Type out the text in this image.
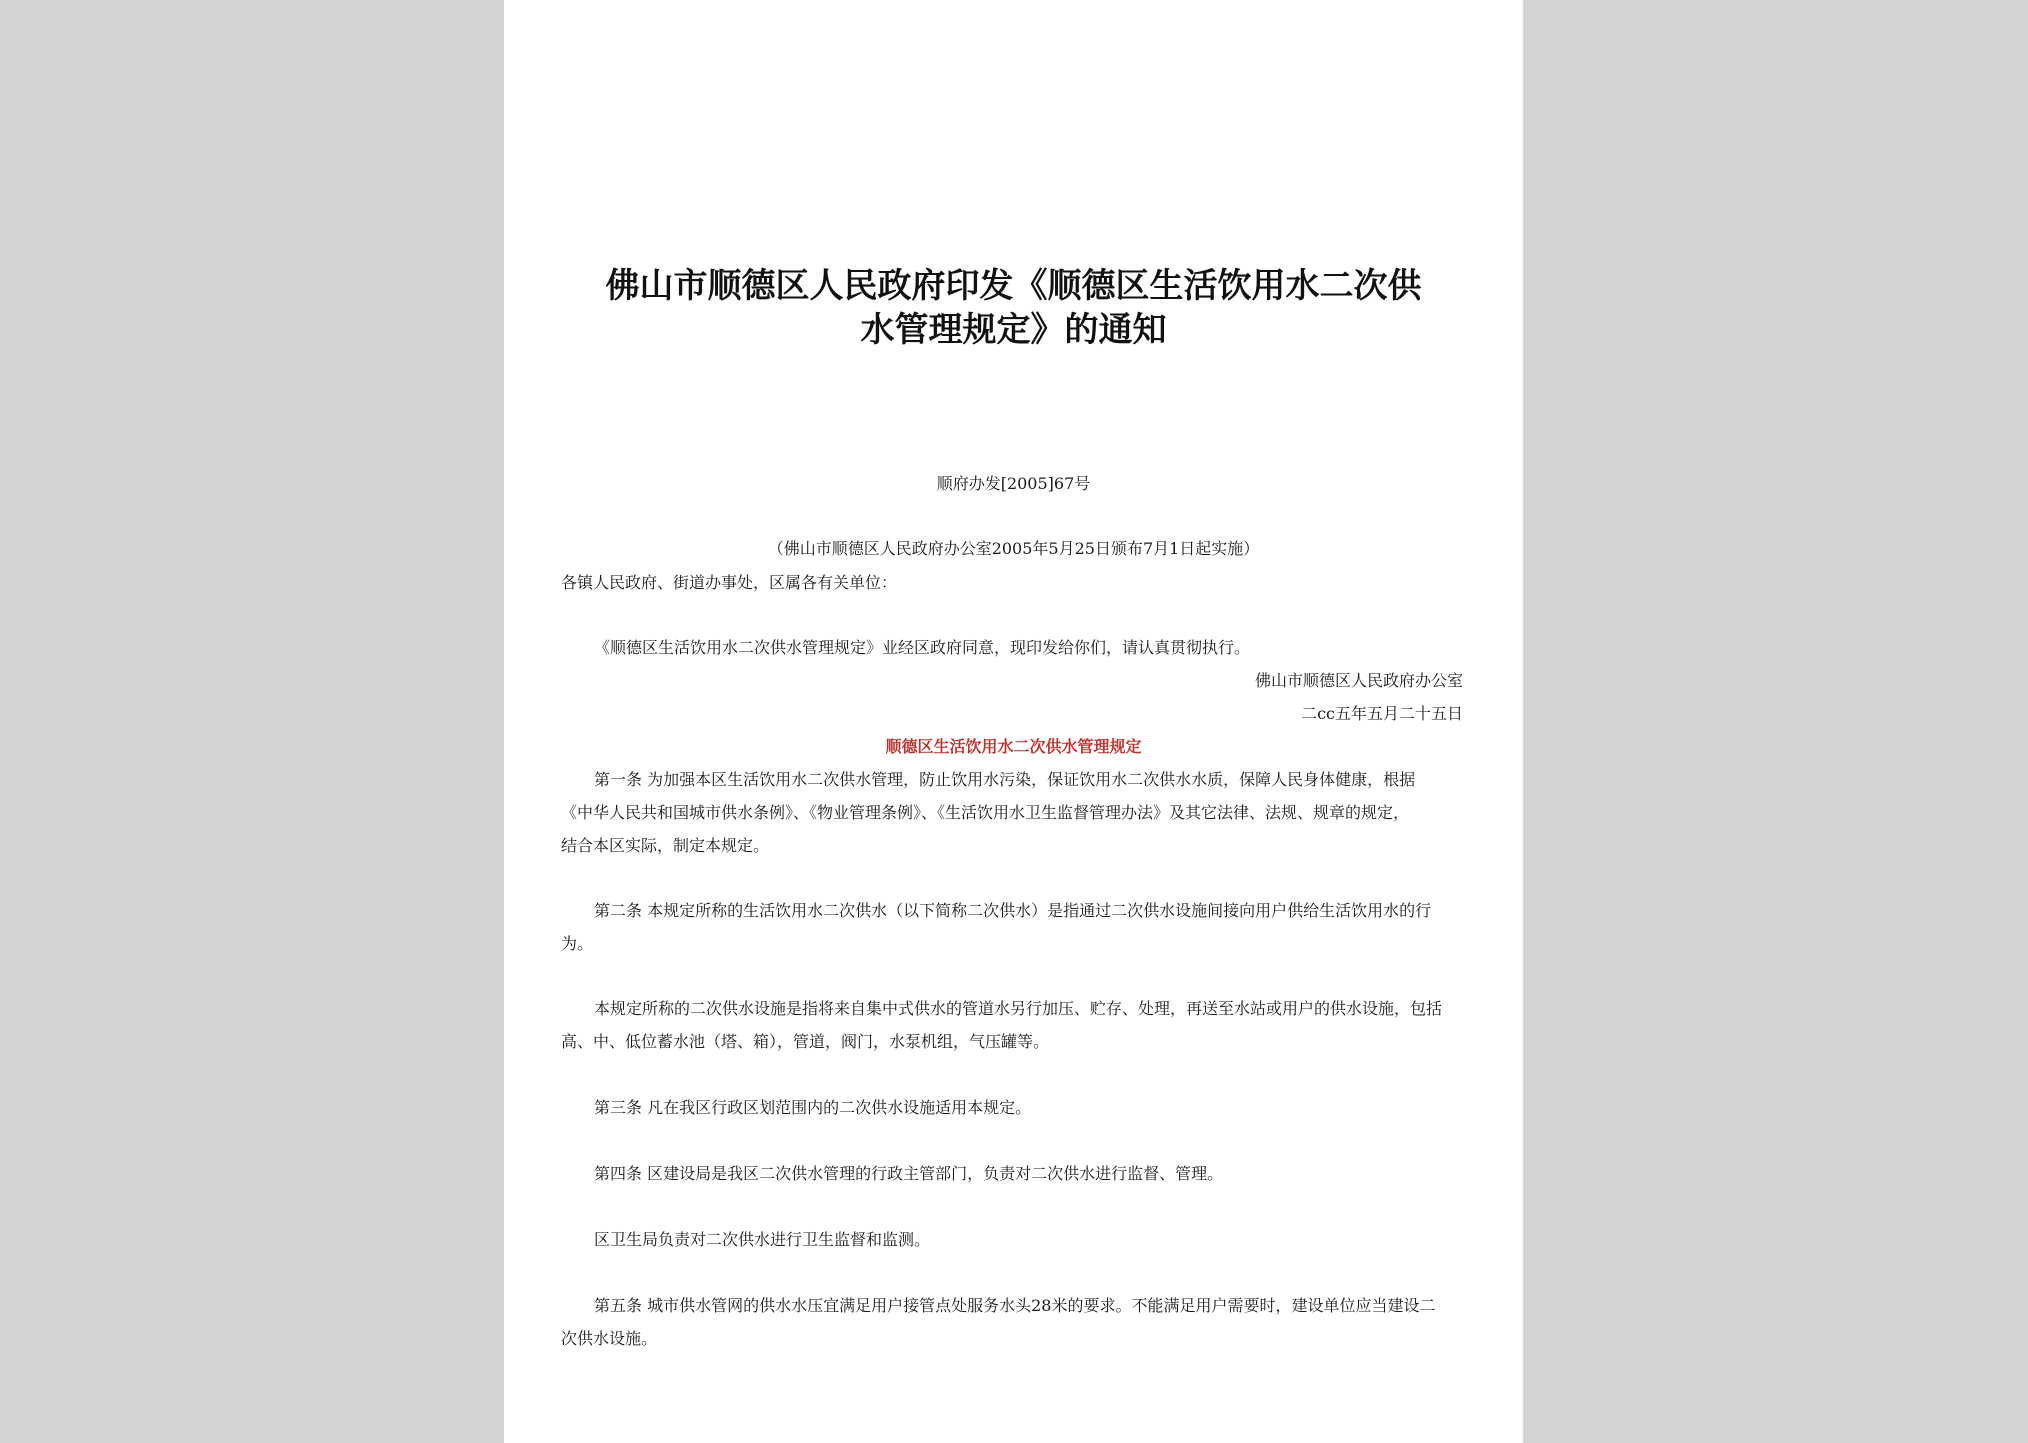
佛山市顺德区人民政府印发《顺德区生活饮用水二次供
水管理规定》的通知
顺府办发[2005]67号
（佛山市顺德区人民政府办公室2005年5月25日颁布7月1日起实施）
各镇人民政府、街道办事处，区属各有关单位：
《顺德区生活饮用水二次供水管理规定》业经区政府同意，现印发给你们，请认真贯彻执行。
佛山市顺德区人民政府办公室
二cc五年五月二十五日
顺德区生活饮用水二次供水管理规定
第一条 为加强本区生活饮用水二次供水管理，防止饮用水污染，保证饮用水二次供水水质，保障人民身体健康，根据
《中华人民共和国城市供水条例》、《物业管理条例》、《生活饮用水卫生监督管理办法》及其它法律、法规、规章的规定，
结合本区实际，制定本规定。
第二条 本规定所称的生活饮用水二次供水（以下简称二次供水）是指通过二次供水设施间接向用户供给生活饮用水的行
为。
本规定所称的二次供水设施是指将来自集中式供水的管道水另行加压、贮存、处理，再送至水站或用户的供水设施，包括
高、中、低位蓄水池（塔、箱），管道，阀门，水泵机组，气压罐等。
第三条 凡在我区行政区划范围内的二次供水设施适用本规定。
第四条 区建设局是我区二次供水管理的行政主管部门，负责对二次供水进行监督、管理。
区卫生局负责对二次供水进行卫生监督和监测。
第五条 城市供水管网的供水水压宜满足用户接管点处服务水头28米的要求。不能满足用户需要时，建设单位应当建设二
次供水设施。
